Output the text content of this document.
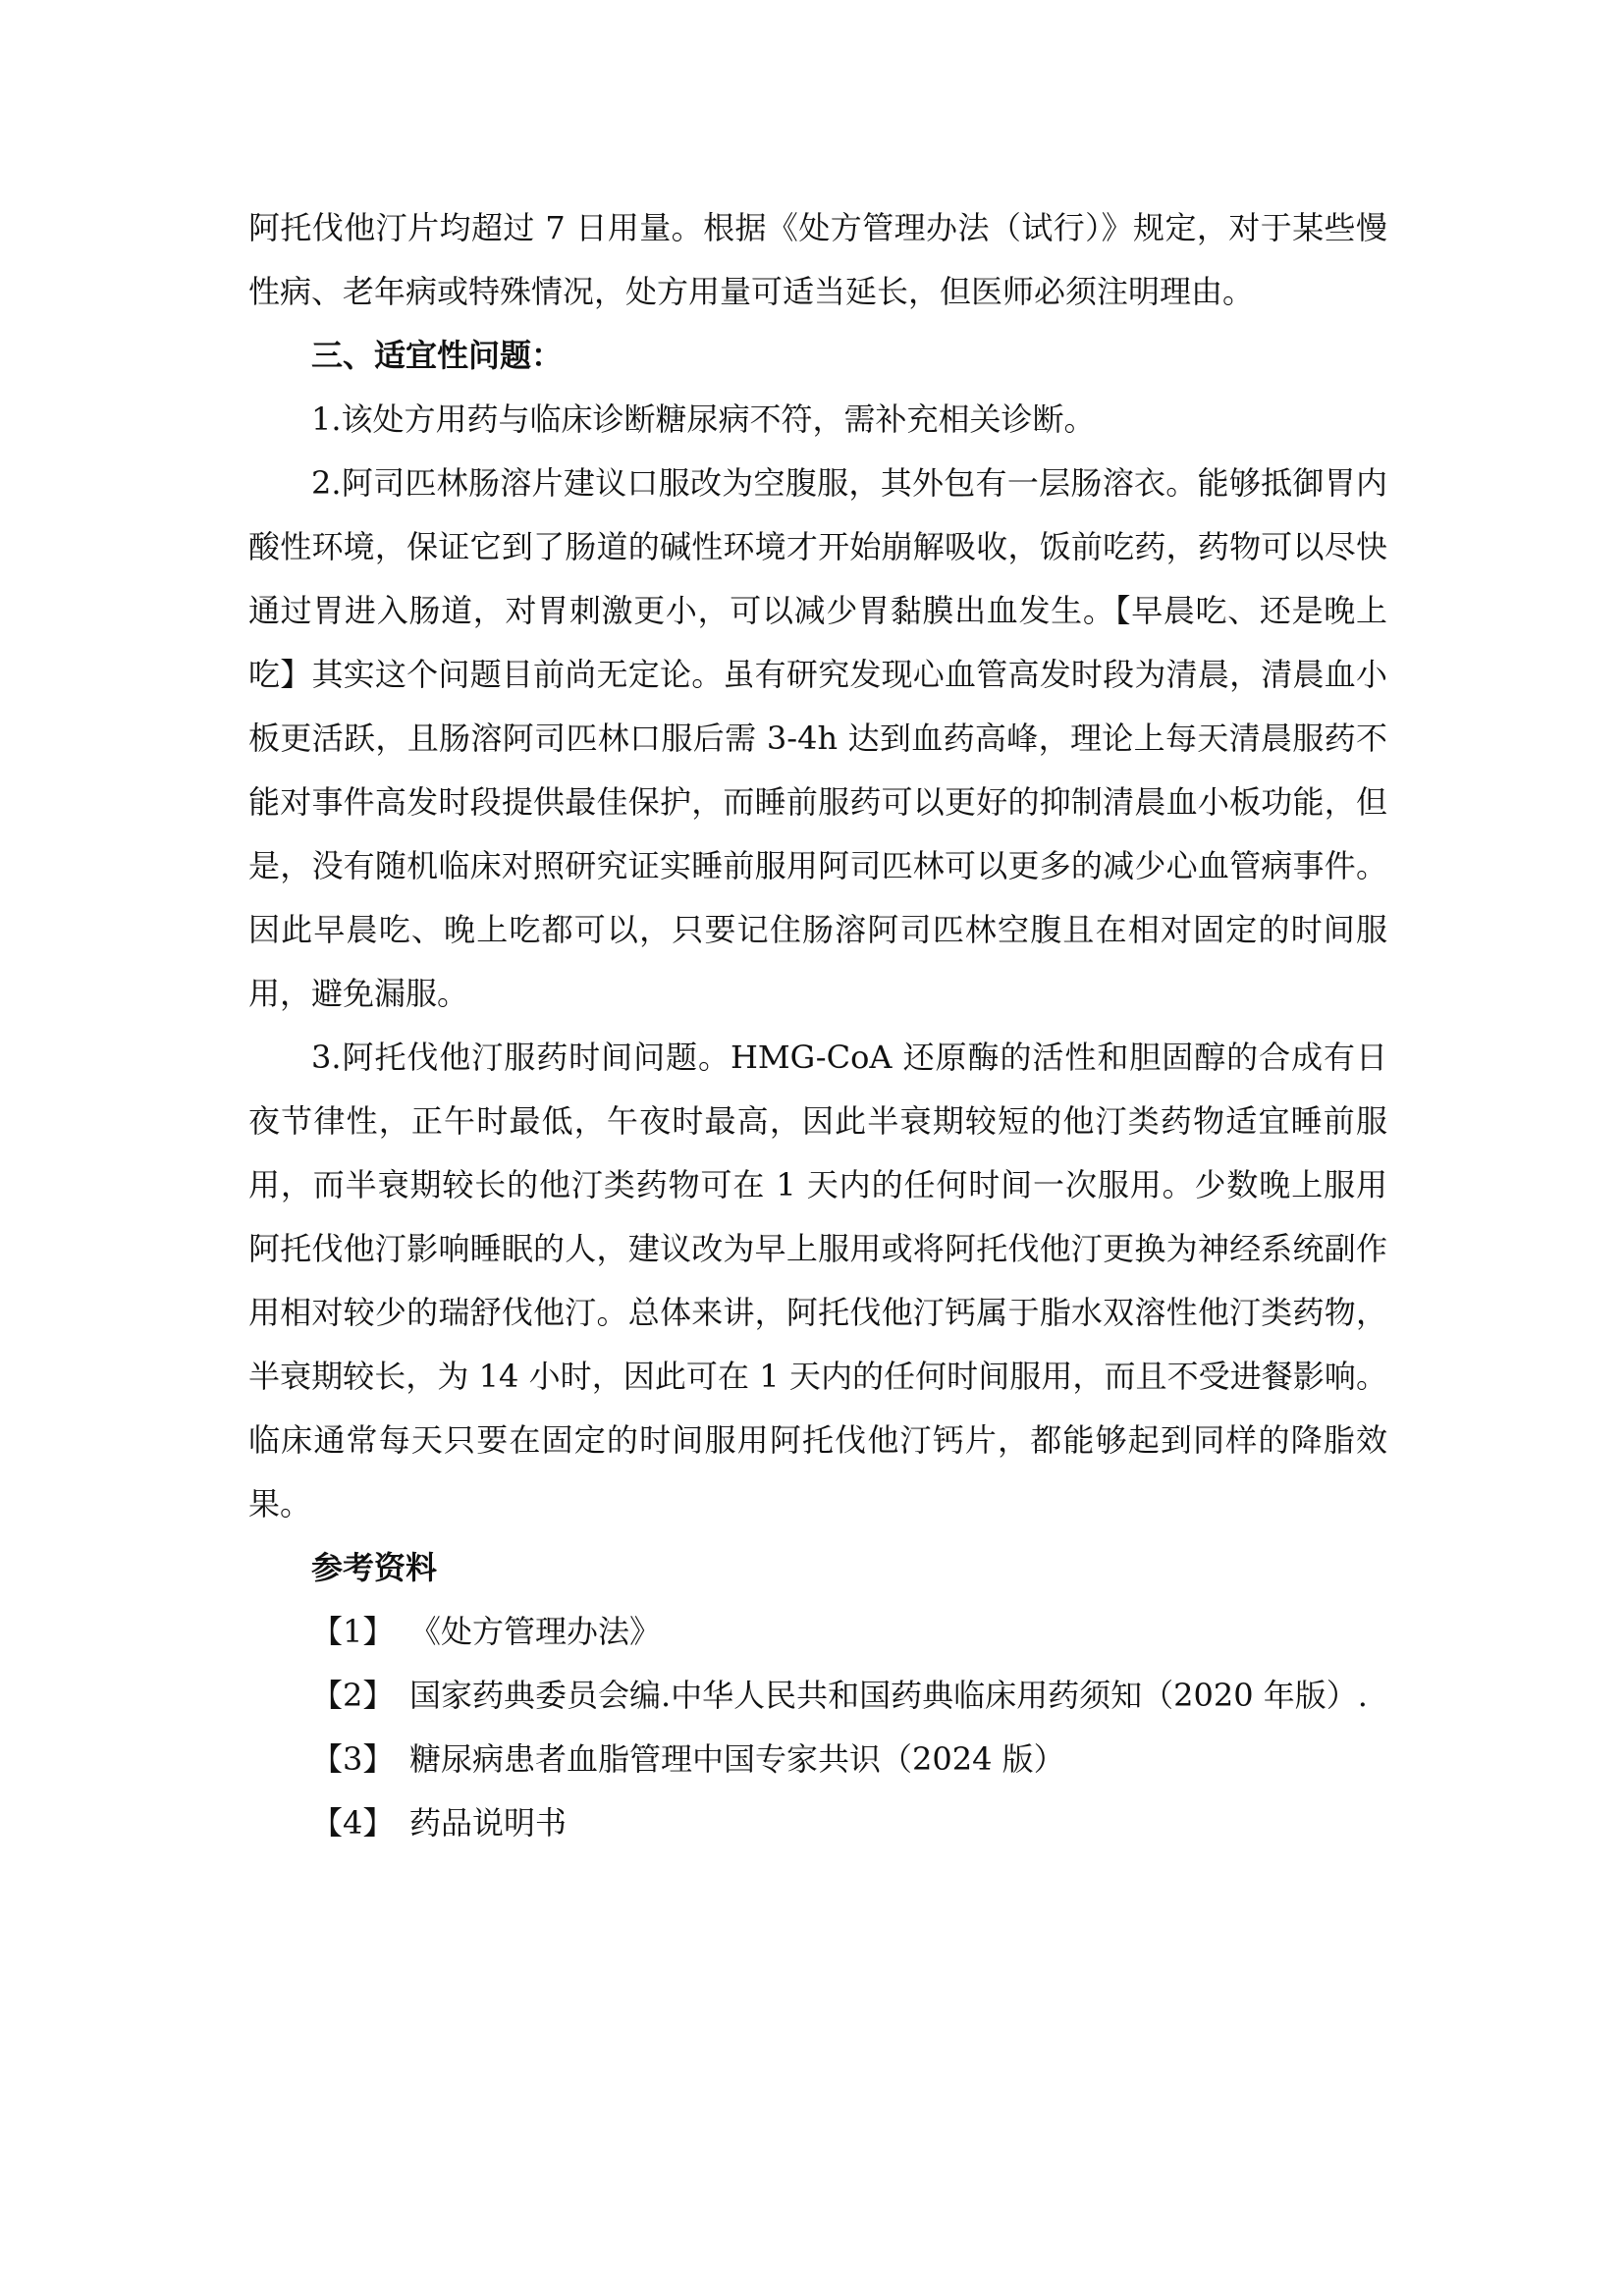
阿托伐他汀片均超过 7 日用量。根据《处方管理办法（试行）》规定，对于某些慢性病、老年病或特殊情况，处方用量可适当延长，但医师必须注明理由。

三、适宜性问题：

1.该处方用药与临床诊断糖尿病不符，需补充相关诊断。

2.阿司匹林肠溶片建议口服改为空腹服，其外包有一层肠溶衣。能够抵御胃内酸性环境，保证它到了肠道的碱性环境才开始崩解吸收，饭前吃药，药物可以尽快通过胃进入肠道，对胃刺激更小，可以减少胃黏膜出血发生。【早晨吃、还是晚上吃】其实这个问题目前尚无定论。虽有研究发现心血管高发时段为清晨，清晨血小板更活跃，且肠溶阿司匹林口服后需 3-4h 达到血药高峰，理论上每天清晨服药不能对事件高发时段提供最佳保护，而睡前服药可以更好的抑制清晨血小板功能，但是，没有随机临床对照研究证实睡前服用阿司匹林可以更多的减少心血管病事件。因此早晨吃、晚上吃都可以，只要记住肠溶阿司匹林空腹且在相对固定的时间服用，避免漏服。

3.阿托伐他汀服药时间问题。HMG-CoA 还原酶的活性和胆固醇的合成有日夜节律性，正午时最低，午夜时最高，因此半衰期较短的他汀类药物适宜睡前服用，而半衰期较长的他汀类药物可在 1 天内的任何时间一次服用。少数晚上服用阿托伐他汀影响睡眠的人，建议改为早上服用或将阿托伐他汀更换为神经系统副作用相对较少的瑞舒伐他汀。总体来讲，阿托伐他汀钙属于脂水双溶性他汀类药物，半衰期较长，为 14 小时，因此可在 1 天内的任何时间服用，而且不受进餐影响。临床通常每天只要在固定的时间服用阿托伐他汀钙片，都能够起到同样的降脂效果。

参考资料

【1】 《处方管理办法》
【2】 国家药典委员会编.中华人民共和国药典临床用药须知（2020 年版）.
【3】 糖尿病患者血脂管理中国专家共识（2024 版）
【4】 药品说明书
